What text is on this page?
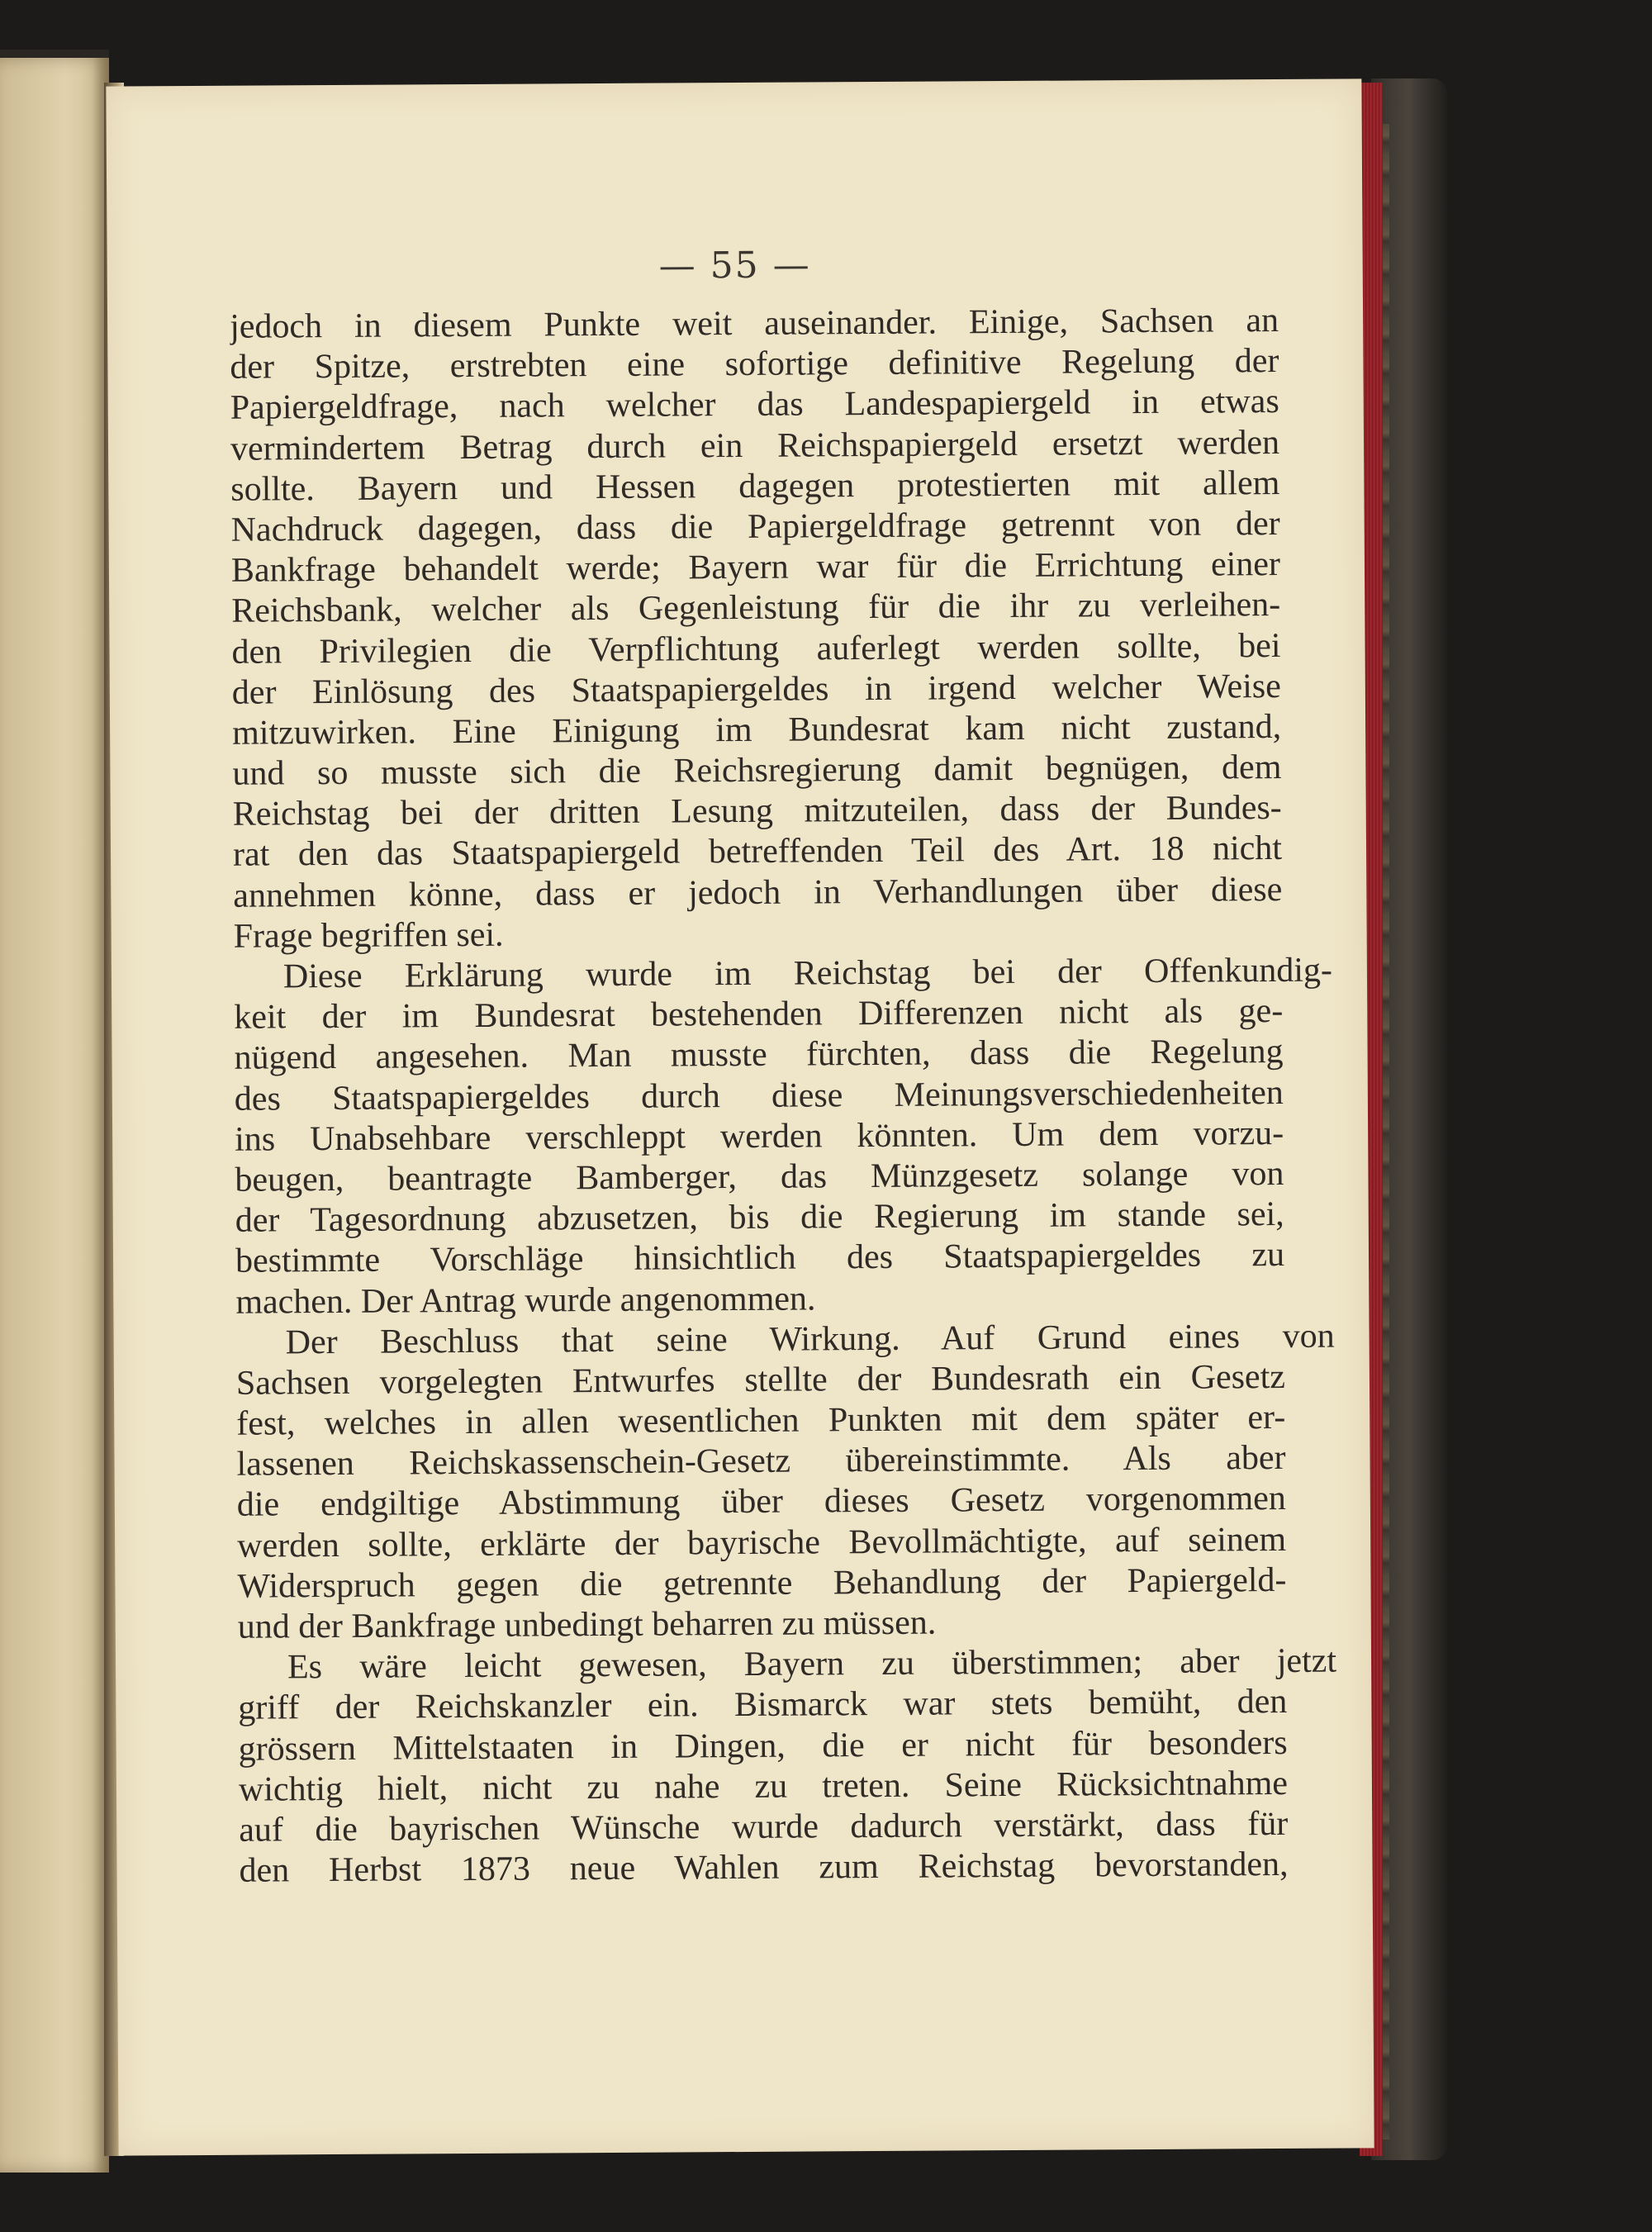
— 55 —
jedoch in diesem Punkte weit auseinander. Einige, Sachsen an
der Spitze, erstrebten eine sofortige definitive Regelung der
Papiergeldfrage, nach welcher das Landespapiergeld in etwas
vermindertem Betrag durch ein Reichspapiergeld ersetzt werden
sollte. Bayern und Hessen dagegen protestierten mit allem
Nachdruck dagegen, dass die Papiergeldfrage getrennt von der
Bankfrage behandelt werde; Bayern war für die Errichtung einer
Reichsbank, welcher als Gegenleistung für die ihr zu verleihen-
den Privilegien die Verpflichtung auferlegt werden sollte, bei
der Einlösung des Staatspapiergeldes in irgend welcher Weise
mitzuwirken. Eine Einigung im Bundesrat kam nicht zustand,
und so musste sich die Reichsregierung damit begnügen, dem
Reichstag bei der dritten Lesung mitzuteilen, dass der Bundes-
rat den das Staatspapiergeld betreffenden Teil des Art. 18 nicht
annehmen könne, dass er jedoch in Verhandlungen über diese
Frage begriffen sei.
Diese Erklärung wurde im Reichstag bei der Offenkundig-
keit der im Bundesrat bestehenden Differenzen nicht als ge-
nügend angesehen. Man musste fürchten, dass die Regelung
des Staatspapiergeldes durch diese Meinungsverschiedenheiten
ins Unabsehbare verschleppt werden könnten. Um dem vorzu-
beugen, beantragte Bamberger, das Münzgesetz solange von
der Tagesordnung abzusetzen, bis die Regierung im stande sei,
bestimmte Vorschläge hinsichtlich des Staatspapiergeldes zu
machen. Der Antrag wurde angenommen.
Der Beschluss that seine Wirkung. Auf Grund eines von
Sachsen vorgelegten Entwurfes stellte der Bundesrath ein Gesetz
fest, welches in allen wesentlichen Punkten mit dem später er-
lassenen Reichskassenschein-Gesetz übereinstimmte. Als aber
die endgiltige Abstimmung über dieses Gesetz vorgenommen
werden sollte, erklärte der bayrische Bevollmächtigte, auf seinem
Widerspruch gegen die getrennte Behandlung der Papiergeld-
und der Bankfrage unbedingt beharren zu müssen.
Es wäre leicht gewesen, Bayern zu überstimmen; aber jetzt
griff der Reichskanzler ein. Bismarck war stets bemüht, den
grössern Mittelstaaten in Dingen, die er nicht für besonders
wichtig hielt, nicht zu nahe zu treten. Seine Rücksichtnahme
auf die bayrischen Wünsche wurde dadurch verstärkt, dass für
den Herbst 1873 neue Wahlen zum Reichstag bevorstanden,
